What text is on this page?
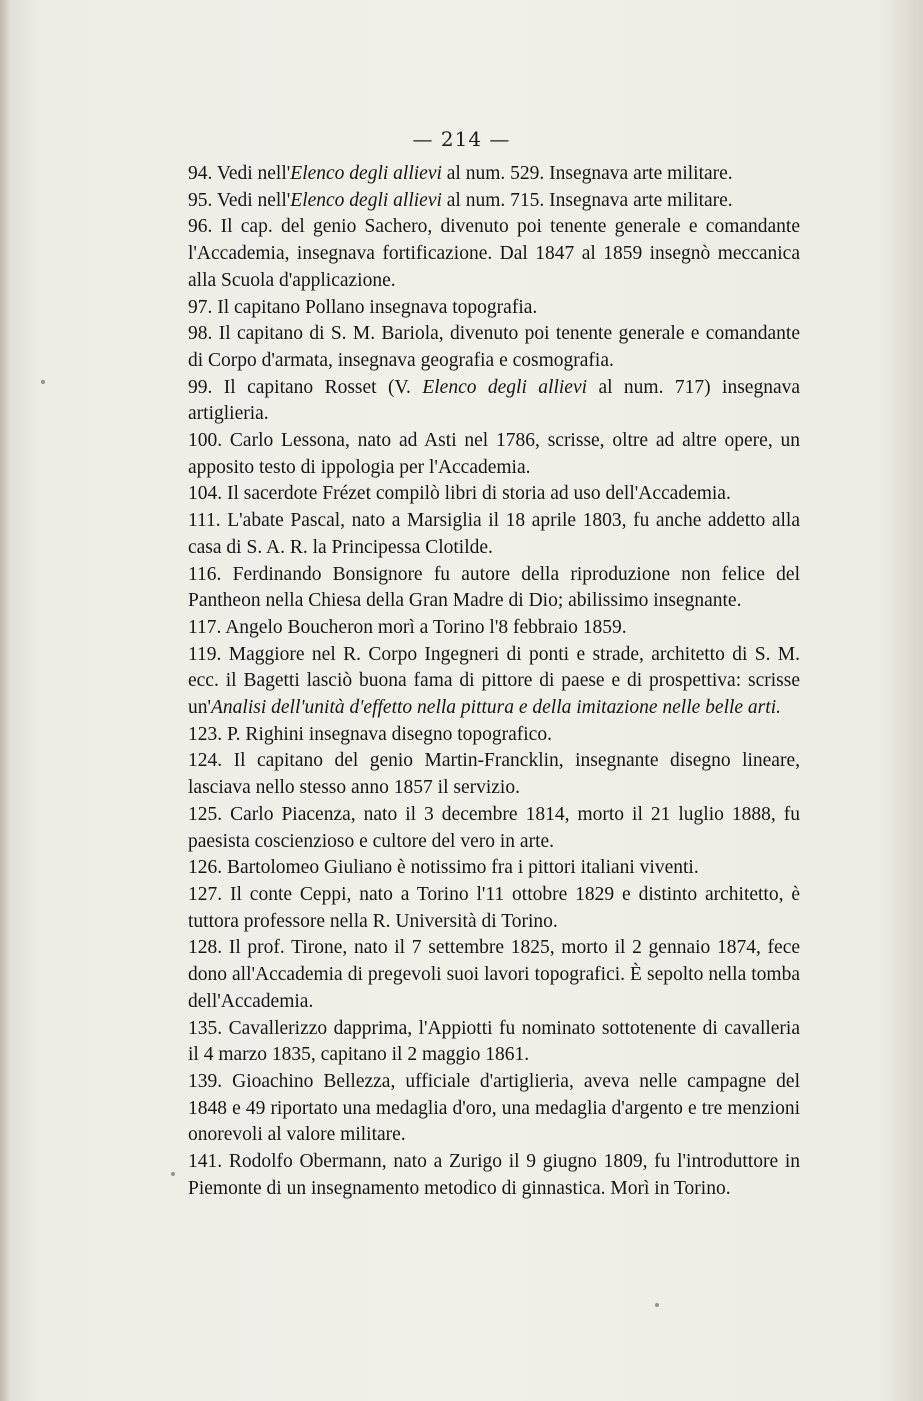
— 214 —

94. Vedi nell'Elenco degli allievi al num. 529. Insegnava arte militare.

95. Vedi nell'Elenco degli allievi al num. 715. Insegnava arte militare.

96. Il cap. del genio Sachero, divenuto poi tenente generale e comandante l'Accademia, insegnava fortificazione. Dal 1847 al 1859 insegnò meccanica alla Scuola d'applicazione.

97. Il capitano Pollano insegnava topografia.

98. Il capitano di S. M. Bariola, divenuto poi tenente generale e comandante di Corpo d'armata, insegnava geografia e cosmografia.

99. Il capitano Rosset (V. Elenco degli allievi al num. 717) insegnava artiglieria.

100. Carlo Lessona, nato ad Asti nel 1786, scrisse, oltre ad altre opere, un apposito testo di ippologia per l'Accademia.

104. Il sacerdote Frézet compilò libri di storia ad uso dell'Accademia.

111. L'abate Pascal, nato a Marsiglia il 18 aprile 1803, fu anche addetto alla casa di S. A. R. la Principessa Clotilde.

116. Ferdinando Bonsignore fu autore della riproduzione non felice del Pantheon nella Chiesa della Gran Madre di Dio; abilissimo insegnante.

117. Angelo Boucheron morì a Torino l'8 febbraio 1859.

119. Maggiore nel R. Corpo Ingegneri di ponti e strade, architetto di S. M. ecc. il Bagetti lasciò buona fama di pittore di paese e di prospettiva: scrisse un'Analisi dell'unità d'effetto nella pittura e della imitazione nelle belle arti.

123. P. Righini insegnava disegno topografico.

124. Il capitano del genio Martin-Francklin, insegnante disegno lineare, lasciava nello stesso anno 1857 il servizio.

125. Carlo Piacenza, nato il 3 decembre 1814, morto il 21 luglio 1888, fu paesista coscienzioso e cultore del vero in arte.

126. Bartolomeo Giuliano è notissimo fra i pittori italiani viventi.

127. Il conte Ceppi, nato a Torino l'11 ottobre 1829 e distinto architetto, è tuttora professore nella R. Università di Torino.

128. Il prof. Tirone, nato il 7 settembre 1825, morto il 2 gennaio 1874, fece dono all'Accademia di pregevoli suoi lavori topografici. È sepolto nella tomba dell'Accademia.

135. Cavallerizzo dapprima, l'Appiotti fu nominato sottotenente di cavalleria il 4 marzo 1835, capitano il 2 maggio 1861.

139. Gioachino Bellezza, ufficiale d'artiglieria, aveva nelle campagne del 1848 e 49 riportato una medaglia d'oro, una medaglia d'argento e tre menzioni onorevoli al valore militare.

141. Rodolfo Obermann, nato a Zurigo il 9 giugno 1809, fu l'introduttore in Piemonte di un insegnamento metodico di ginnastica. Morì in Torino.
